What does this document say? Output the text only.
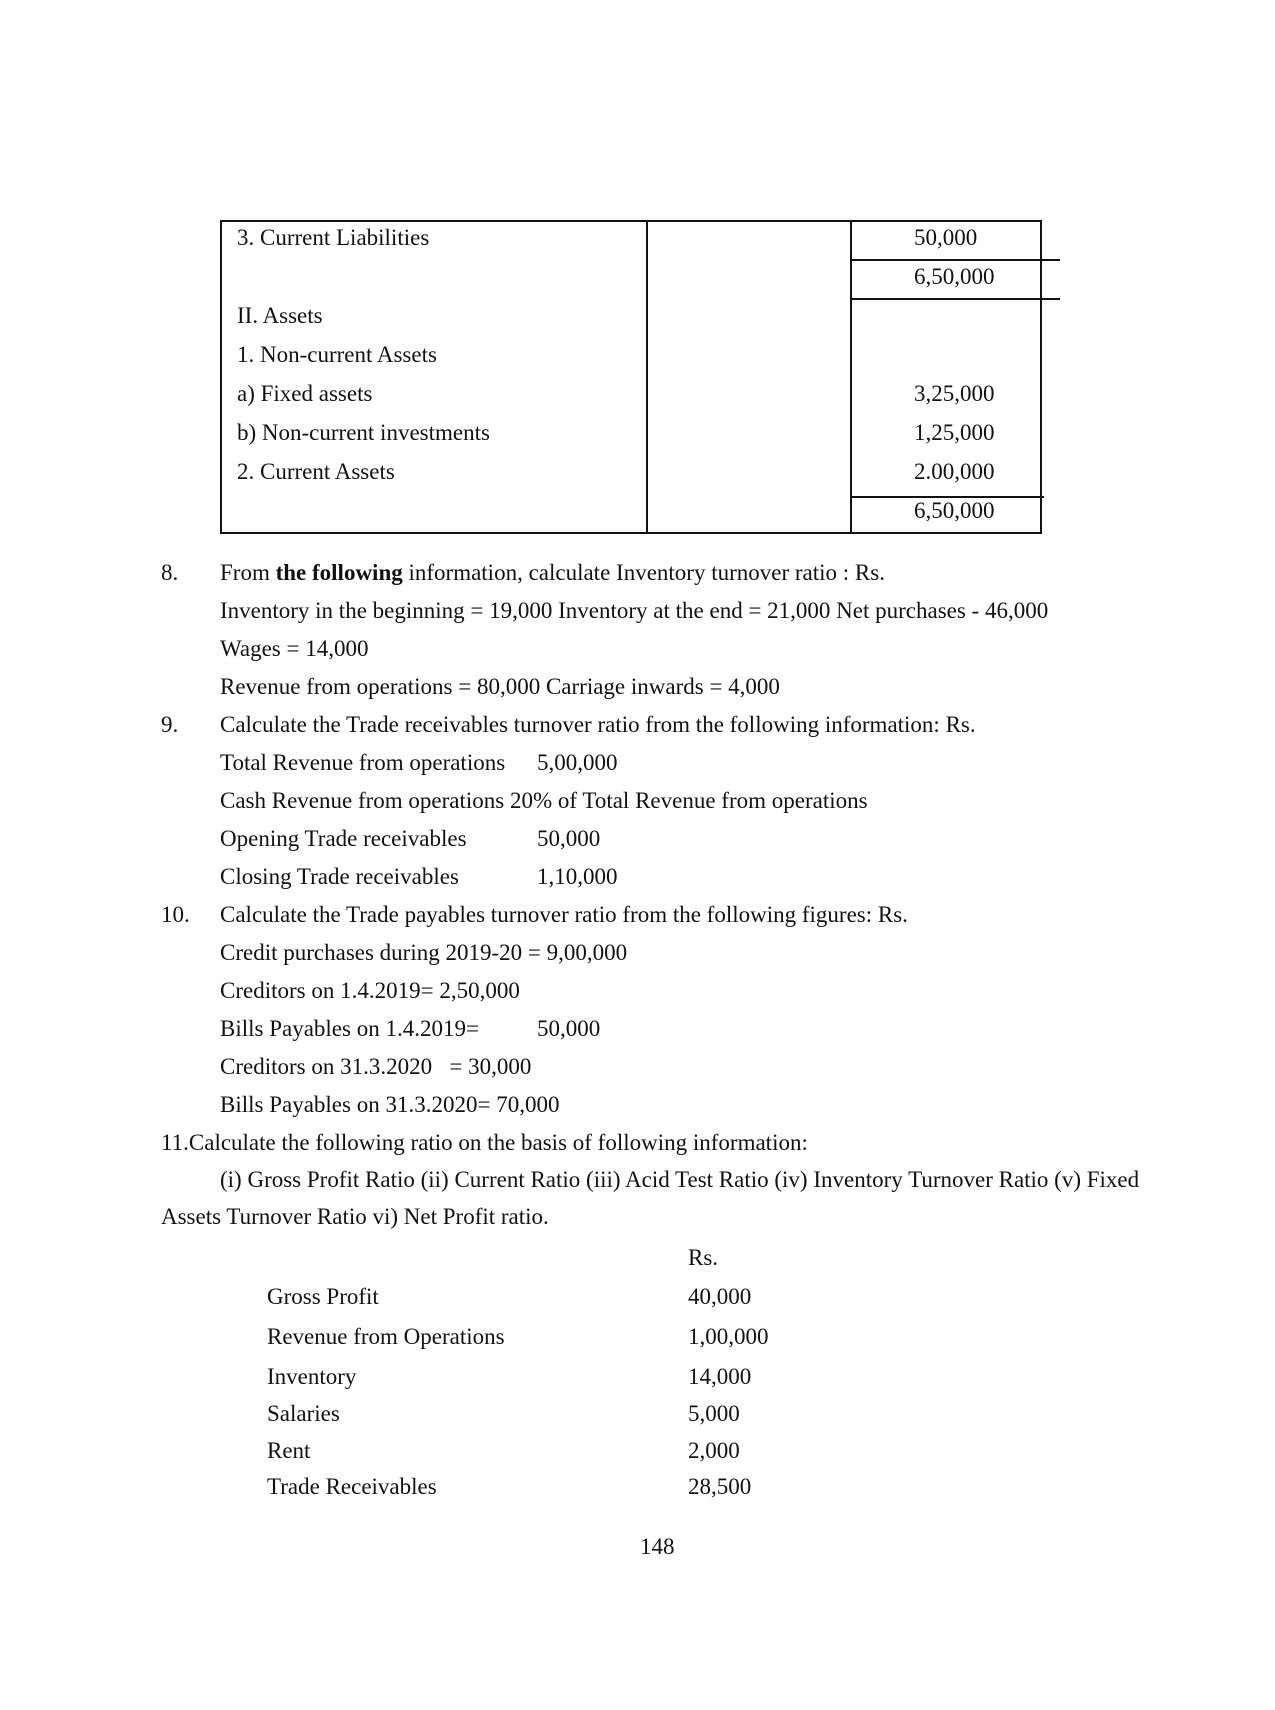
3. Current Liabilities	50,000
6,50,000
II. Assets
1. Non-current Assets
a) Fixed assets	3,25,000
b) Non-current investments	1,25,000
2. Current Assets	2.00,000
6,50,000
8. From the following information, calculate Inventory turnover ratio : Rs.
Inventory in the beginning = 19,000 Inventory at the end = 21,000 Net purchases - 46,000
Wages = 14,000
Revenue from operations = 80,000 Carriage inwards = 4,000
9. Calculate the Trade receivables turnover ratio from the following information: Rs.
Total Revenue from operations 5,00,000
Cash Revenue from operations 20% of Total Revenue from operations
Opening Trade receivables	50,000
Closing Trade receivables	1,10,000
10. Calculate the Trade payables turnover ratio from the following figures: Rs.
Credit purchases during 2019-20 = 9,00,000
Creditors on 1.4.2019= 2,50,000
Bills Payables on 1.4.2019=	50,000
Creditors on 31.3.2020   = 30,000
Bills Payables on 31.3.2020= 70,000
11.Calculate the following ratio on the basis of following information:
(i) Gross Profit Ratio (ii) Current Ratio (iii) Acid Test Ratio (iv) Inventory Turnover Ratio (v) Fixed
Assets Turnover Ratio vi) Net Profit ratio.
Rs.
Gross Profit	40,000
Revenue from Operations	1,00,000
Inventory	14,000
Salaries	5,000
Rent	2,000
Trade Receivables	28,500
148
